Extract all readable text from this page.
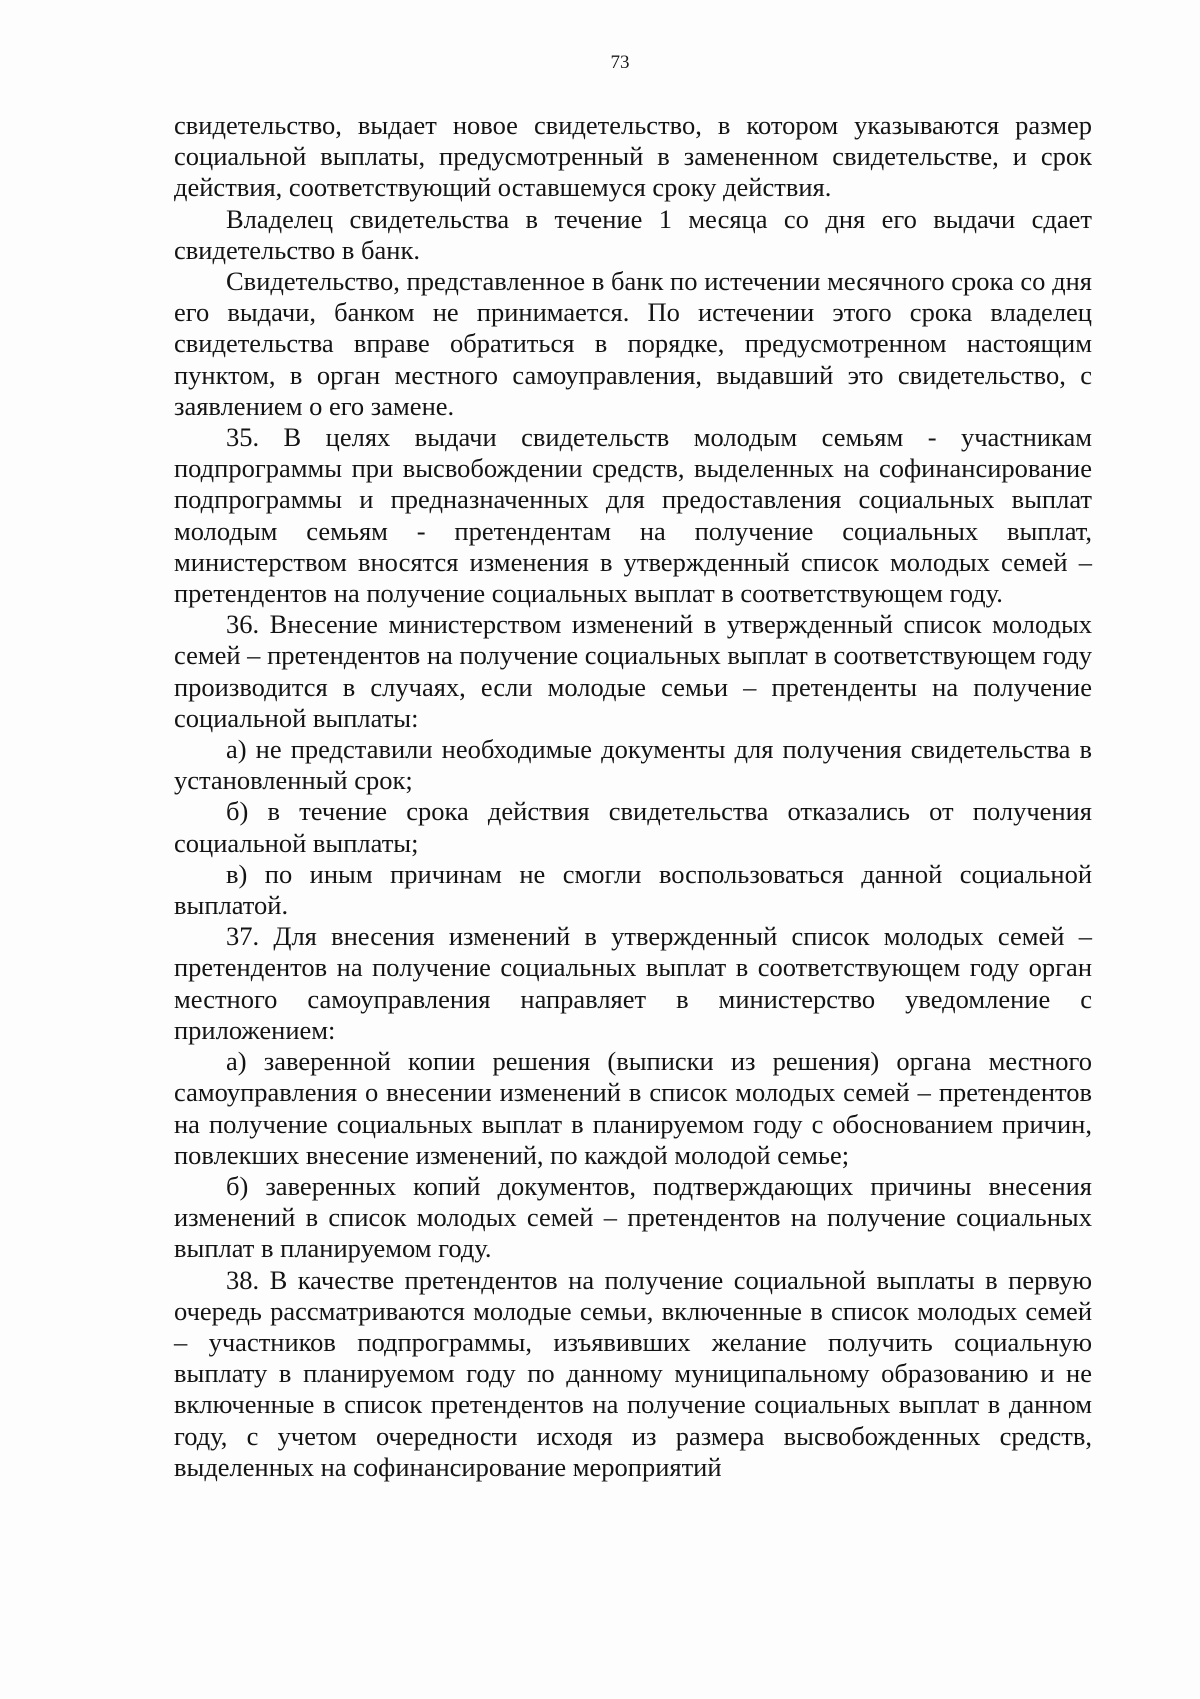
73

свидетельство, выдает новое свидетельство, в котором указываются размер социальной выплаты, предусмотренный в замененном свидетельстве, и срок действия, соответствующий оставшемуся сроку действия.

Владелец свидетельства в течение 1 месяца со дня его выдачи сдает свидетельство в банк.

Свидетельство, представленное в банк по истечении месячного срока со дня его выдачи, банком не принимается. По истечении этого срока владелец свидетельства вправе обратиться в порядке, предусмотренном настоящим пунктом, в орган местного самоуправления, выдавший это свидетельство, с заявлением о его замене.

35. В целях выдачи свидетельств молодым семьям - участникам подпрограммы при высвобождении средств, выделенных на софинансирование подпрограммы и предназначенных для предоставления социальных выплат молодым семьям - претендентам на получение социальных выплат, министерством вносятся изменения в утвержденный список молодых семей – претендентов на получение социальных выплат в соответствующем году.

36. Внесение министерством изменений в утвержденный список молодых семей – претендентов на получение социальных выплат в соответствующем году производится в случаях, если молодые семьи – претенденты на получение социальной выплаты:

а) не представили необходимые документы для получения свидетельства в установленный срок;

б) в течение срока действия свидетельства отказались от получения социальной выплаты;

в) по иным причинам не смогли воспользоваться данной социальной выплатой.

37. Для внесения изменений в утвержденный список молодых семей – претендентов на получение социальных выплат в соответствующем году орган местного самоуправления направляет в министерство уведомление с приложением:

а) заверенной копии решения (выписки из решения) органа местного самоуправления о внесении изменений в список молодых семей – претендентов на получение социальных выплат в планируемом году с обоснованием причин, повлекших внесение изменений, по каждой молодой семье;

б) заверенных копий документов, подтверждающих причины внесения изменений в список молодых семей – претендентов на получение социальных выплат в планируемом году.

38. В качестве претендентов на получение социальной выплаты в первую очередь рассматриваются молодые семьи, включенные в список молодых семей – участников подпрограммы, изъявивших желание получить социальную выплату в планируемом году по данному муниципальному образованию и не включенные в список претендентов на получение социальных выплат в данном году, с учетом очередности исходя из размера высвобожденных средств, выделенных на софинансирование мероприятий
